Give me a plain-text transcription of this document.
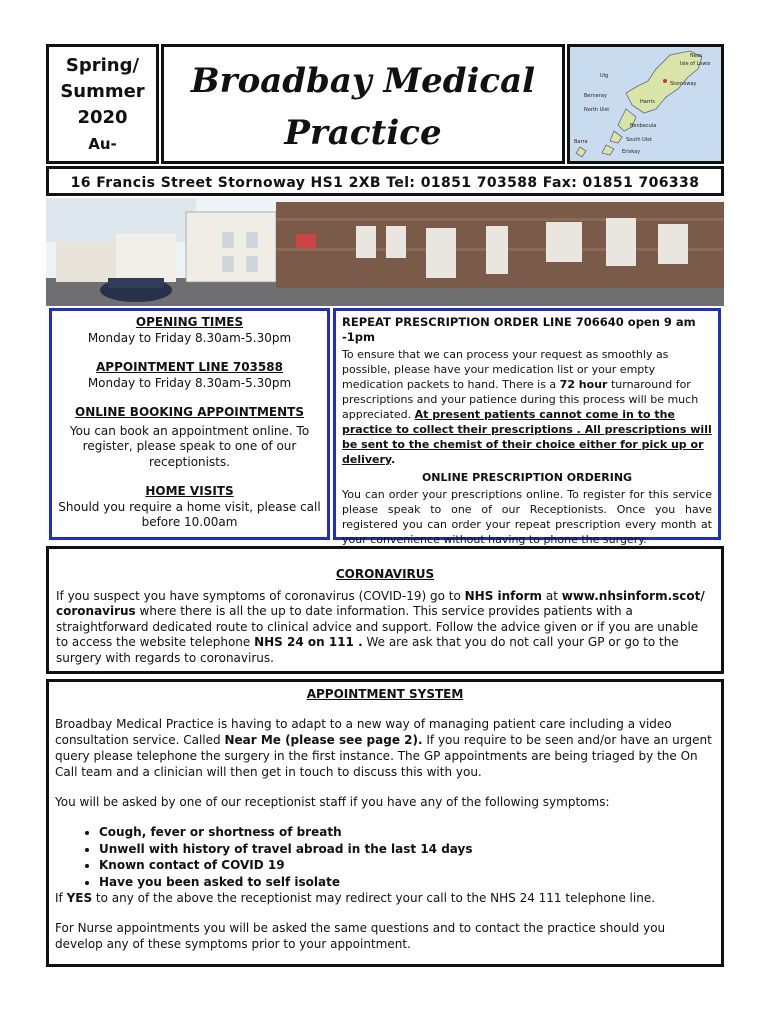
Spring/
Summer
2020
Au-
Broadbay Medical
Practice
Ness
Isle of Lewis
Uig
Stornoway
Harris
Berneray
North Uist
Benbecula
South Uist
Eriskay
Barra
16 Francis Street Stornoway HS1 2XB Tel: 01851 703588 Fax: 01851 706338

OPENING TIMES

Monday to Friday 8.30am-5.30pm

APPOINTMENT LINE 703588

Monday to Friday 8.30am-5.30pm

ONLINE BOOKING APPOINTMENTS

You can book an appointment online. To register, please speak to one of our receptionists.

HOME VISITS

Should you require a home visit, please call before 10.00am

REPEAT PRESCRIPTION ORDER LINE 706640 open 9 am -1pm

To ensure that we can process your request as smoothly as possible, please have your medication list or your empty medication packets to hand. There is a 72 hour turnaround for prescriptions and your patience during this process will be much appreciated. At present patients cannot come in to the practice to collect their prescriptions . All prescriptions will be sent to the chemist of their choice either for pick up or delivery.

ONLINE PRESCRIPTION ORDERING

You can order your prescriptions online. To register for this service please speak to one of our Receptionists. Once you have registered you can order your repeat prescription every month at your convenience without having to phone the surgery.

CORONAVIRUS

If you suspect you have symptoms of coronavirus (COVID-19) go to NHS inform at www.nhsinform.scot/ coronavirus where there is all the up to date information. This service provides patients with a straightforward dedicated route to clinical advice and support. Follow the advice given or if you are unable to access the website telephone NHS 24 on 111 . We are ask that you do not call your GP or go to the surgery with regards to coronavirus.

APPOINTMENT SYSTEM

Broadbay Medical Practice is having to adapt to a new way of managing patient care including a video consultation service. Called Near Me (please see page 2). If you require to be seen and/or have an urgent query please telephone the surgery in the first instance. The GP appointments are being triaged by the On Call team and a clinician will then get in touch to discuss this with you.

You will be asked by one of our receptionist staff if you have any of the following symptoms:

• Cough, fever or shortness of breath
• Unwell with history of travel abroad in the last 14 days
• Known contact of COVID 19
• Have you been asked to self isolate

If YES to any of the above the receptionist may redirect your call to the NHS 24 111 telephone line.

For Nurse appointments you will be asked the same questions and to contact the practice should you develop any of these symptoms prior to your appointment.
